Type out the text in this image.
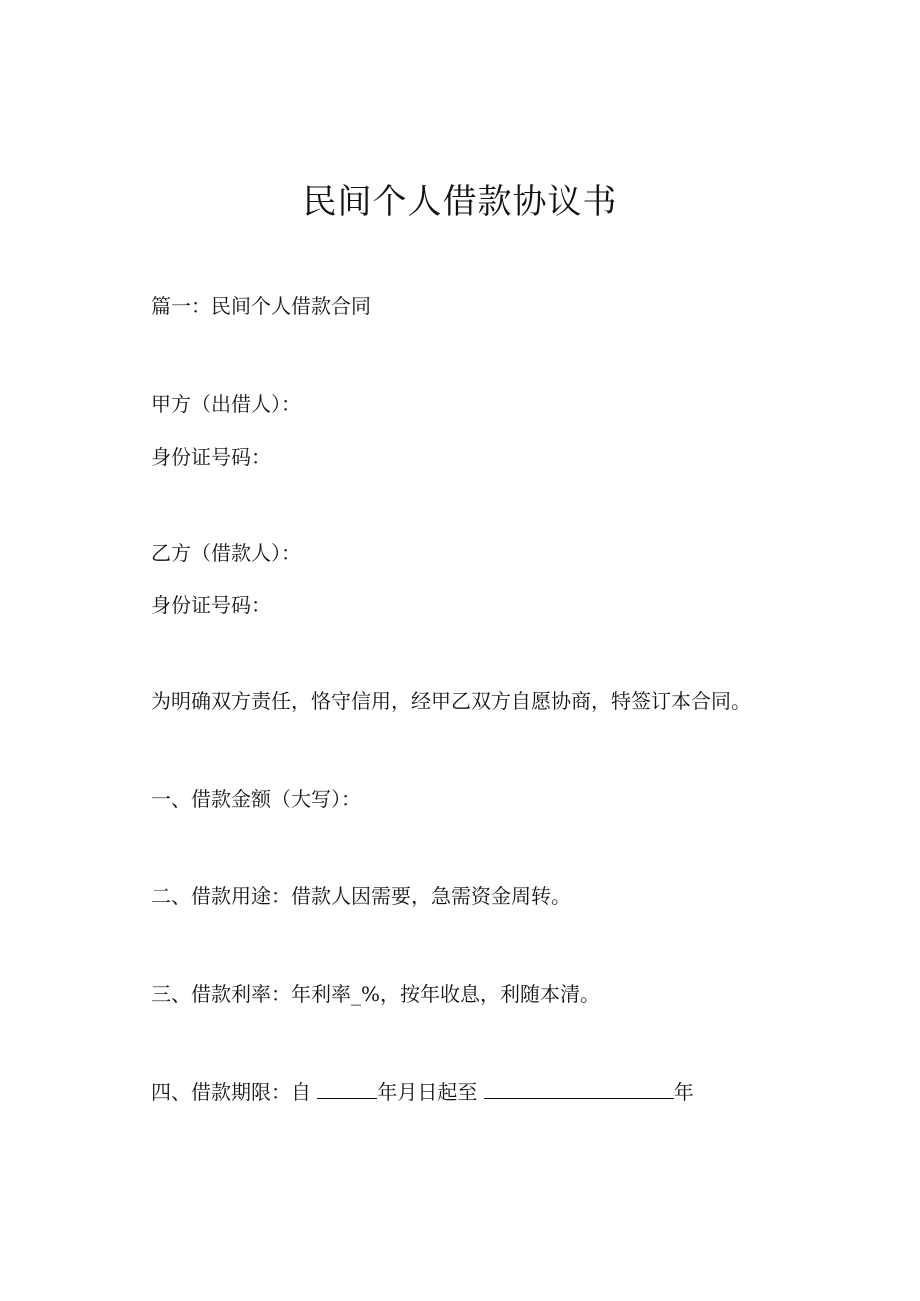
民间个人借款协议书
篇一：民间个人借款合同
甲方（出借人）：
身份证号码：
乙方（借款人）：
身份证号码：
为明确双方责任，恪守信用，经甲乙双方自愿协商，特签订本合同。
一、借款金额（大写）：
二、借款用途：借款人因需要，急需资金周转。
三、借款利率：年利率_%，按年收息，利随本清。
四、借款期限：自	年月日起至	年
